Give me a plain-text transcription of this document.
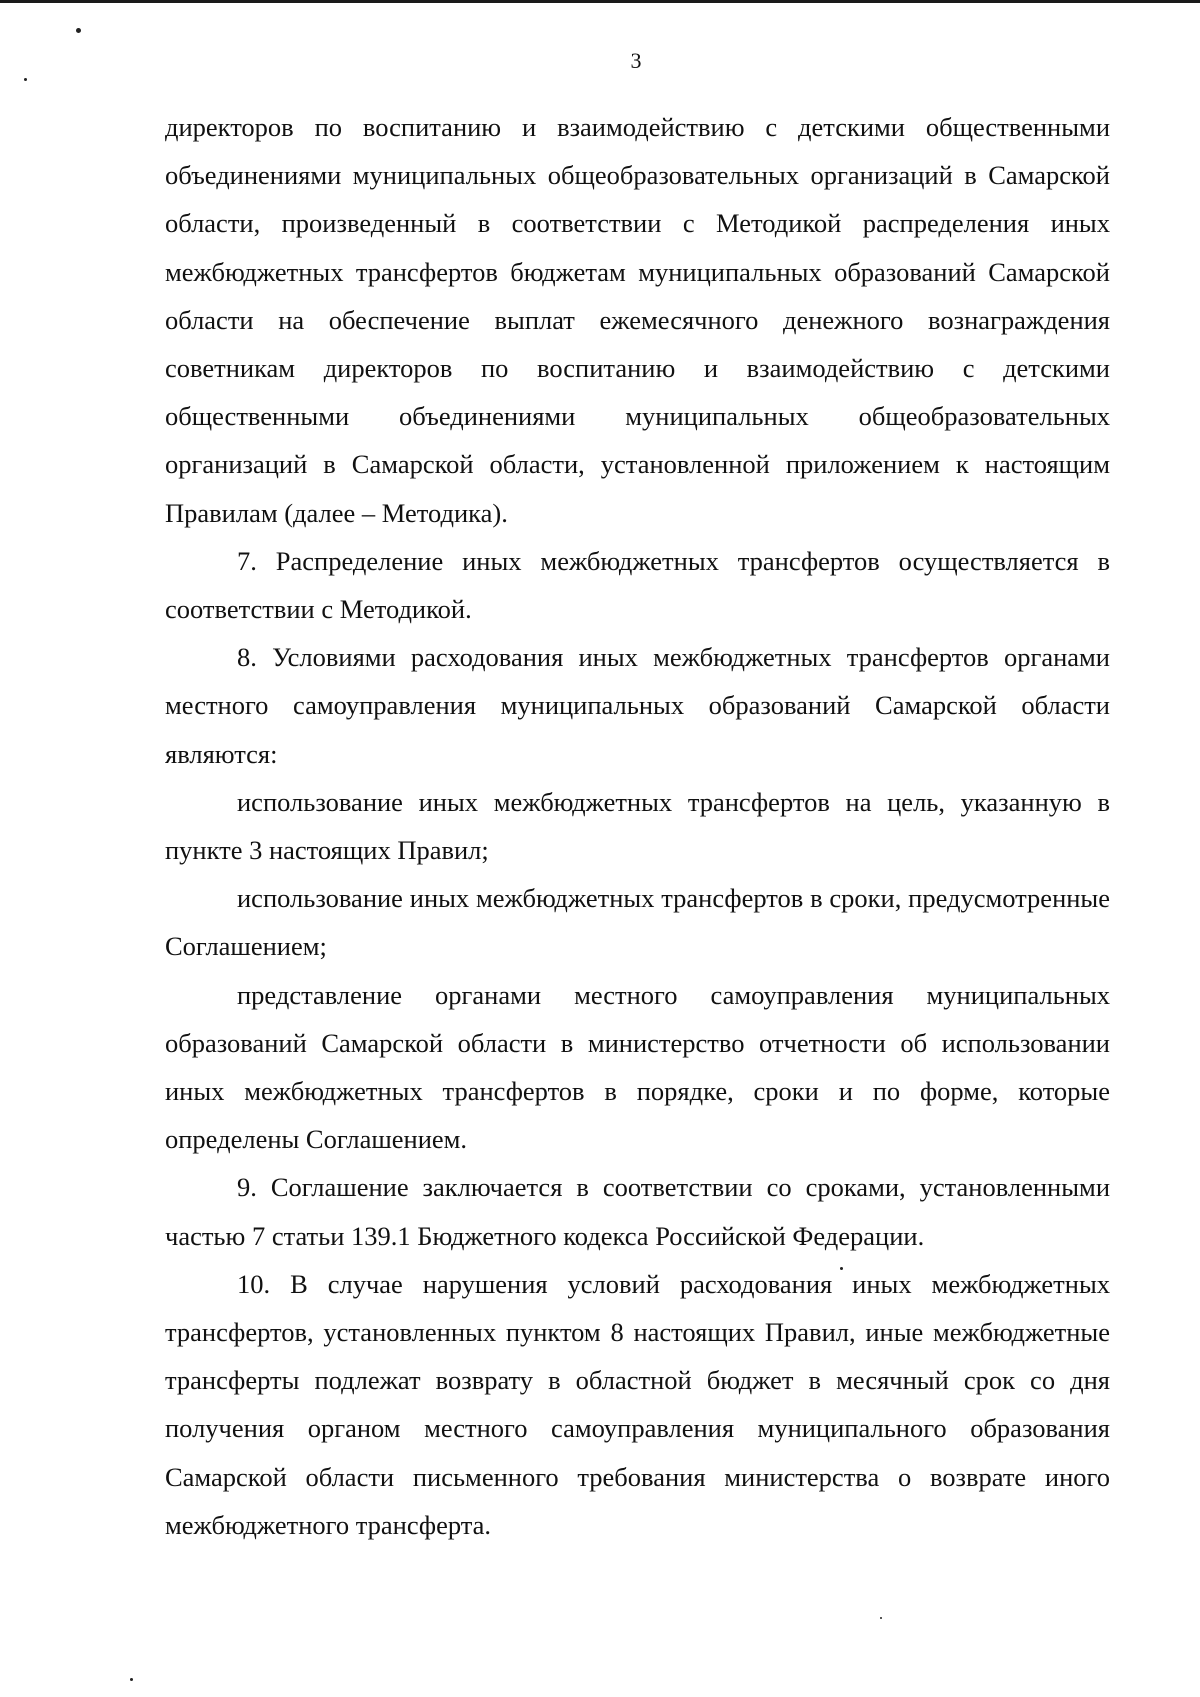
3

директоров по воспитанию и взаимодействию с детскими общественными объединениями муниципальных общеобразовательных организаций в Самарской области, произведенный в соответствии с Методикой распределения иных межбюджетных трансфертов бюджетам муниципальных образований Самарской области на обеспечение выплат ежемесячного денежного вознаграждения советникам директоров по воспитанию и взаимодействию с детскими общественными объединениями муниципальных общеобразовательных организаций в Самарской области, установленной приложением к настоящим Правилам (далее – Методика).

7. Распределение иных межбюджетных трансфертов осуществляется в соответствии с Методикой.

8. Условиями расходования иных межбюджетных трансфертов органами местного самоуправления муниципальных образований Самарской области являются:

использование иных межбюджетных трансфертов на цель, указанную в пункте 3 настоящих Правил;

использование иных межбюджетных трансфертов в сроки, предусмотренные Соглашением;

представление органами местного самоуправления муниципальных образований Самарской области в министерство отчетности об использовании иных межбюджетных трансфертов в порядке, сроки и по форме, которые определены Соглашением.

9. Соглашение заключается в соответствии со сроками, установленными частью 7 статьи 139.1 Бюджетного кодекса Российской Федерации.

10. В случае нарушения условий расходования иных межбюджетных трансфертов, установленных пунктом 8 настоящих Правил, иные межбюджетные трансферты подлежат возврату в областной бюджет в месячный срок со дня получения органом местного самоуправления муниципального образования Самарской области письменного требования министерства о возврате иного межбюджетного трансферта.
